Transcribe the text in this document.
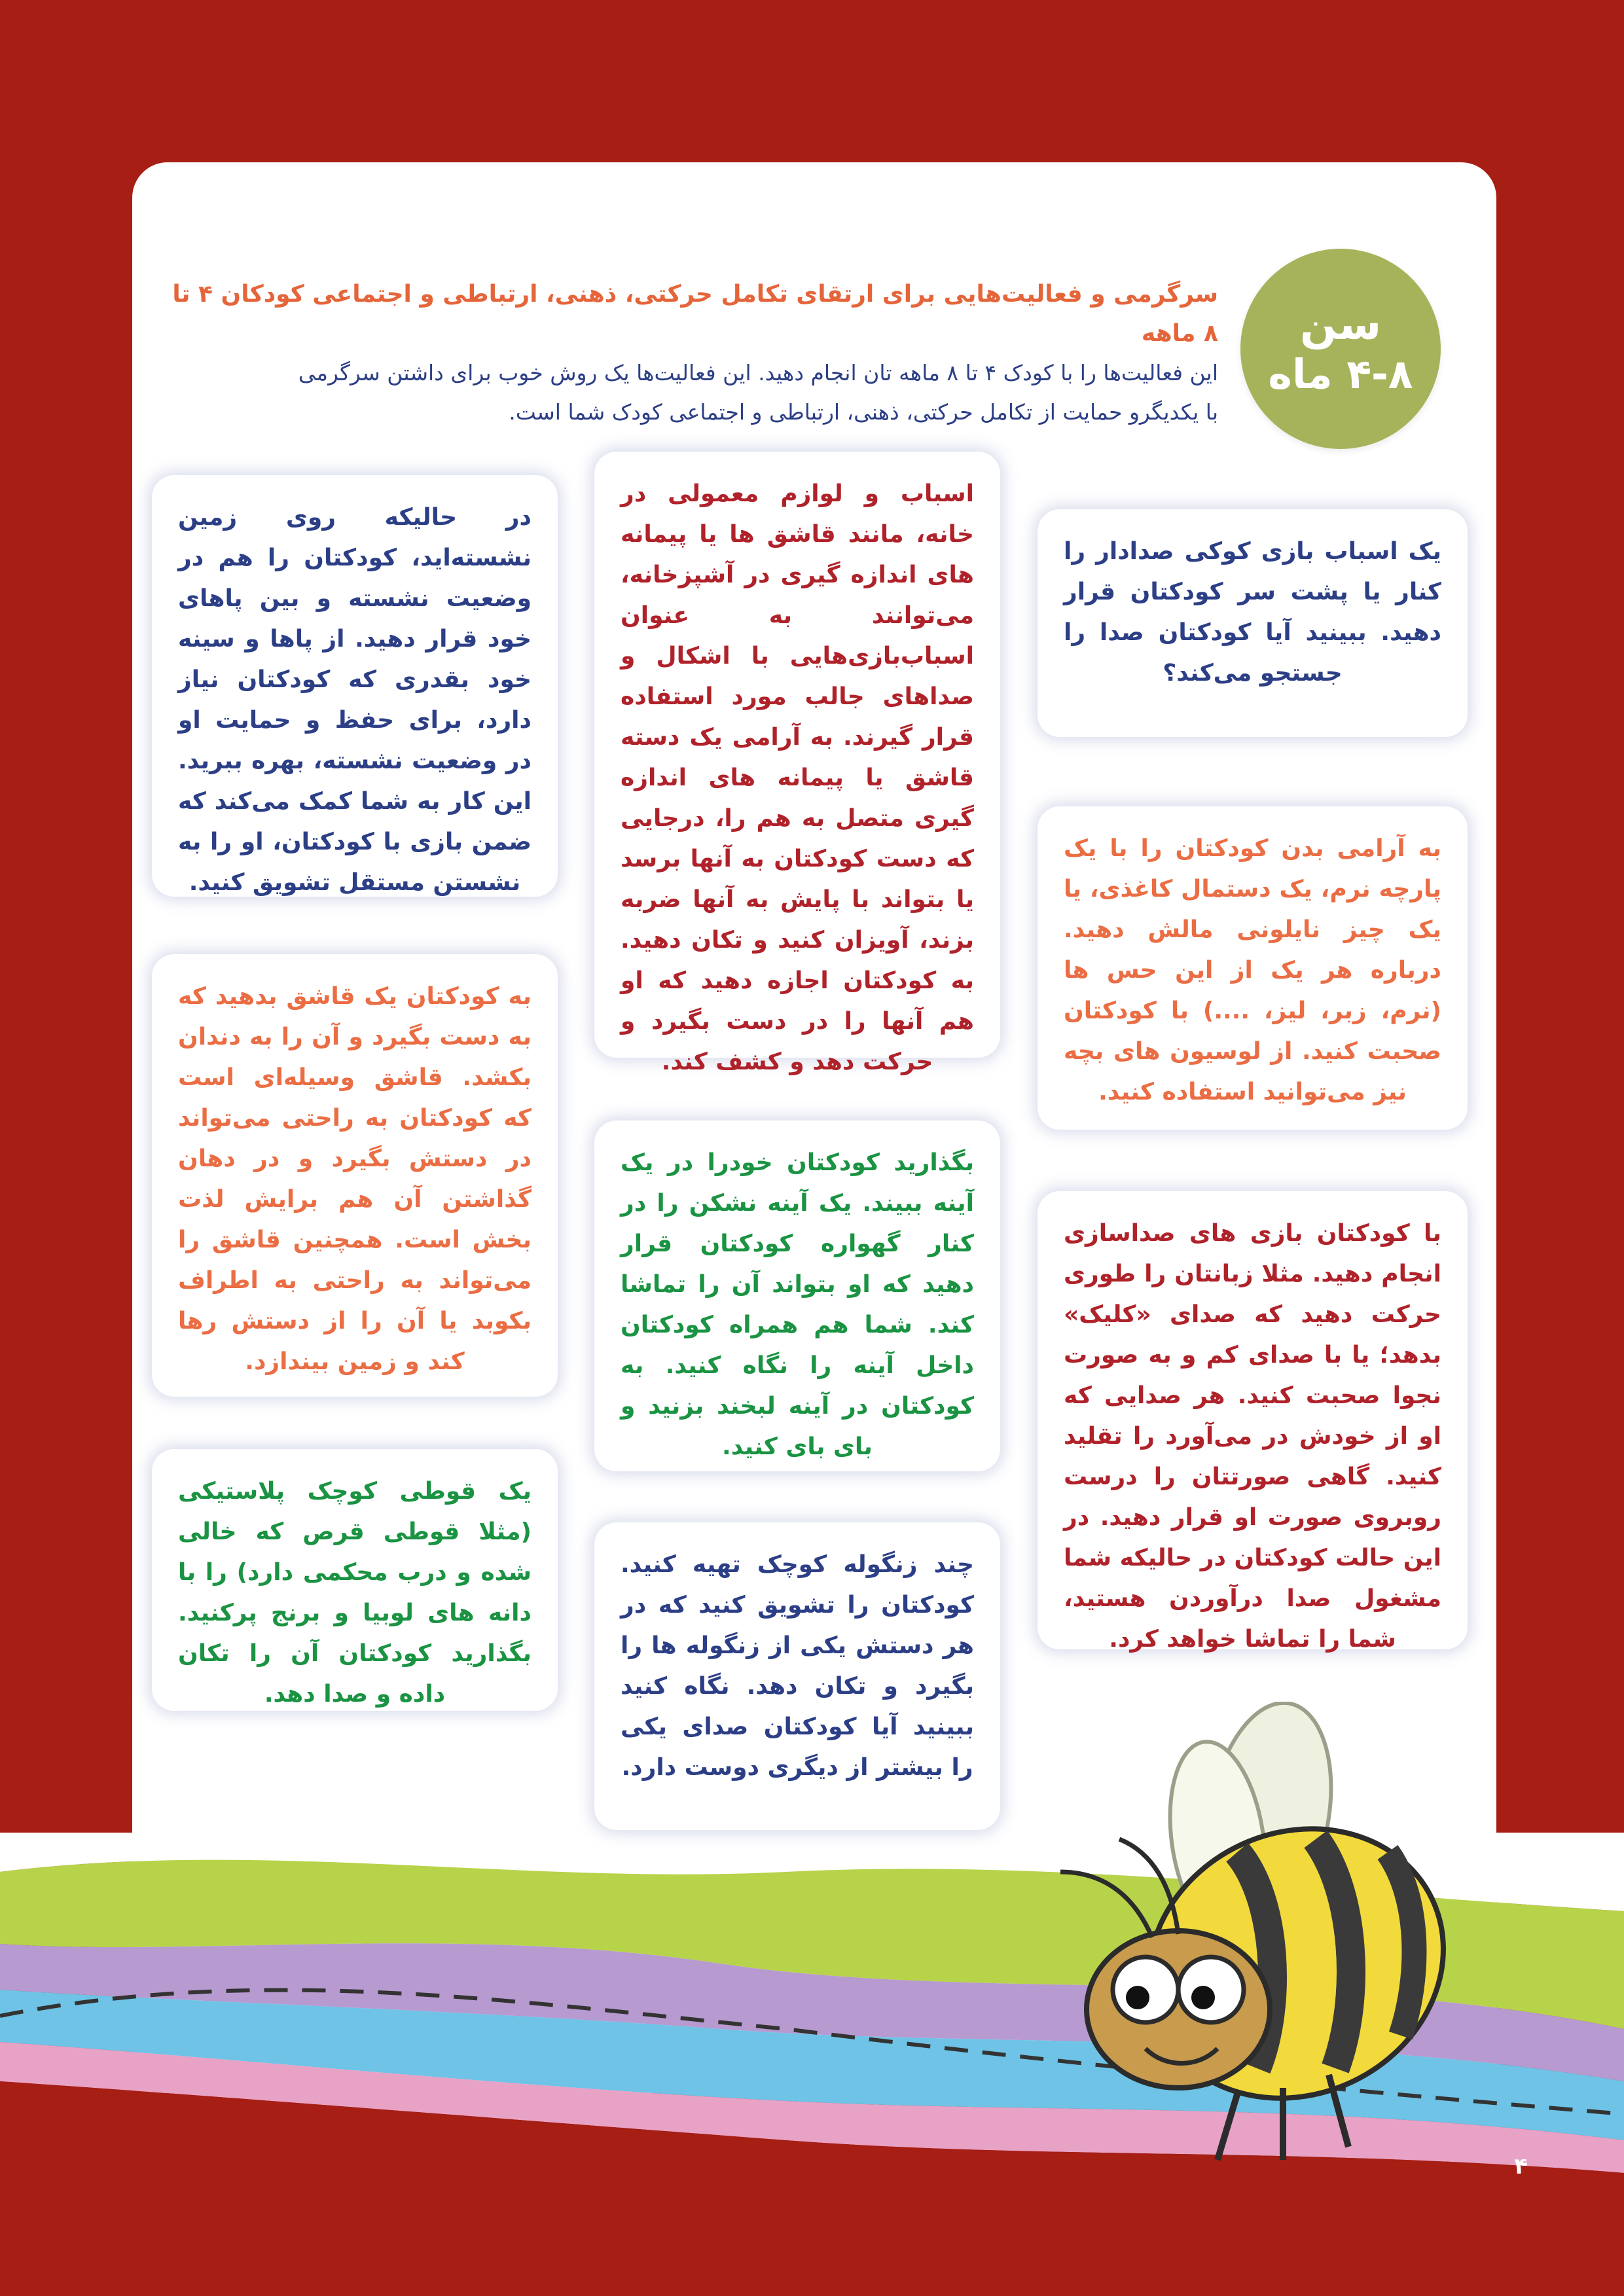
سن
۴-۸ ماه
سرگرمی و فعالیت‌هایی برای ارتقای تکامل حرکتی، ذهنی، ارتباطی و اجتماعی کودکان ۴ تا ۸ ماهه
این فعالیت‌ها را با کودک ۴ تا ۸ ماهه تان انجام دهید. این فعالیت‌ها یک روش خوب برای داشتن سرگرمی
با یکدیگرو حمایت از تکامل حرکتی، ذهنی، ارتباطی و اجتماعی کودک شما است.
یک اسباب بازی کوکی صدادار را کنار یا پشت سر کودکتان قرار دهید. ببینید آیا کودکتان صدا را جستجو می‌کند؟
به آرامی بدن کودکتان را با یک پارچه نرم، یک دستمال کاغذی، یا یک چیز نایلونی مالش دهید. درباره هر یک از این حس ها (نرم، زبر، لیز، ....) با کودکتان صحبت کنید. از لوسیون های بچه نیز می‌توانید استفاده کنید.
با کودکتان بازی های صداسازی انجام دهید. مثلا زبانتان را طوری حرکت دهید که صدای «کلیک» بدهد؛ یا با صدای کم و به صورت نجوا صحبت کنید. هر صدایی که او از خودش در می‌آورد را تقلید کنید. گاهی صورتتان را درست روبروی صورت او قرار دهید. در این حالت کودکتان در حالیکه شما مشغول صدا درآوردن هستید، شما را تماشا خواهد کرد.
اسباب و لوازم معمولی در خانه، مانند قاشق ها یا پیمانه های اندازه گیری در آشپزخانه، می‌توانند به عنوان اسباب‌بازی‌هایی با اشکال و صداهای جالب مورد استفاده قرار گیرند. به آرامی یک دسته قاشق یا پیمانه های اندازه گیری متصل به هم را، درجایی که دست کودکتان به آنها برسد یا بتواند با پایش به آنها ضربه بزند، آویزان کنید و تکان دهید. به کودکتان اجازه دهید که او هم آنها را در دست بگیرد و حرکت دهد و کشف کند.
بگذارید کودکتان خودرا در یک آینه ببیند. یک آینه نشکن را در کنار گهواره کودکتان قرار دهید که او بتواند آن را تماشا کند. شما هم همراه کودکتان داخل آینه را نگاه کنید. به کودکتان در آینه لبخند بزنید و بای بای کنید.
چند زنگوله کوچک تهیه کنید. کودکتان را تشویق کنید که در هر دستش یکی از زنگوله ها را بگیرد و تکان دهد. نگاه کنید ببینید آیا کودکتان صدای یکی را بیشتر از دیگری دوست دارد.
در حالیکه روی زمین نشسته‌اید، کودکتان را هم در وضعیت نشسته و بین پاهای خود قرار دهید. از پاها و سینه خود بقدری که کودکتان نیاز دارد، برای حفظ و حمایت او در وضعیت نشسته، بهره ببرید. این کار به شما کمک می‌کند که ضمن بازی با کودکتان، او را به نشستن مستقل تشویق کنید.
به کودکتان یک قاشق بدهید که به دست بگیرد و آن را به دندان بکشد. قاشق وسیله‌ای است که کودکتان به راحتی می‌تواند در دستش بگیرد و در دهان گذاشتن آن هم برایش لذت بخش است. همچنین قاشق را می‌تواند به راحتی به اطراف بکوبد یا آن را از دستش رها کند و زمین بیندازد.
یک قوطی کوچک پلاستیکی (مثلا قوطی قرص که خالی شده و درب محکمی دارد) را با دانه های لوبیا و برنج پرکنید. بگذارید کودکتان آن را تکان داده و صدا دهد.
۴
